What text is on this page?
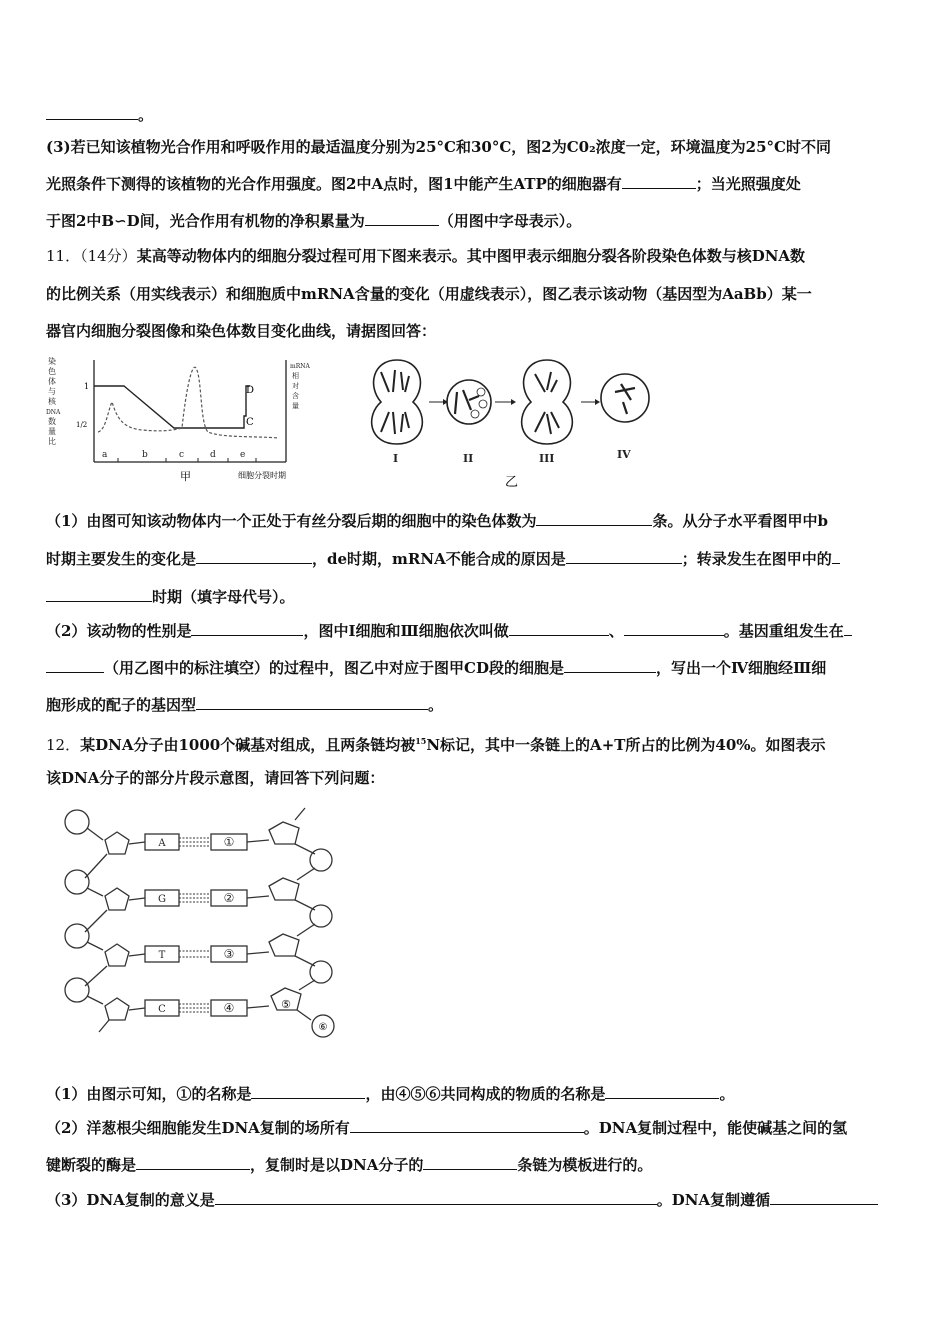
。
(3)若已知该植物光合作用和呼吸作用的最适温度分别为25°C和30°C，图2为C0₂浓度一定，环境温度为25°C时不同
光照条件下测得的该植物的光合作用强度。图2中A点时，图1中能产生ATP的细胞器有	；当光照强度处
于图2中B∽D间，光合作用有机物的净积累量为	（用图中字母表示）。
11．（14分）某高等动物体内的细胞分裂过程可用下图来表示。其中图甲表示细胞分裂各阶段染色体数与核DNA数
的比例关系（用实线表示）和细胞质中mRNA含量的变化（用虚线表示），图乙表示该动物（基因型为AaBb）某一
器官内细胞分裂图像和染色体数目变化曲线，请据图回答：
染
色
体
与
核
DNA
数
量
比
1
1/2
D
C
mRNA
相
对
含
量
a	b	c	d	e
甲	细胞分裂时期
I	II	III	IV
乙
（1）由图可知该动物体内一个正处于有丝分裂后期的细胞中的染色体数为	条。从分子水平看图甲中b
时期主要发生的变化是	，de时期，mRNA不能合成的原因是	；转录发生在图甲中的
时期（填字母代号）。
（2）该动物的性别是	，图中Ⅰ细胞和Ⅲ细胞依次叫做	、	。基因重组发生在
（用乙图中的标注填空）的过程中，图乙中对应于图甲CD段的细胞是	，写出一个Ⅳ细胞经Ⅲ细
胞形成的配子的基因型	。
12．某DNA分子由1000个碱基对组成，且两条链均被$^{15}$N标记，其中一条链上的A+T所占的比例为40%。如图表示
该DNA分子的部分片段示意图，请回答下列问题：
A
G
T
C
①
②
③
④	⑤
⑥
（1）由图示可知，①的名称是	，由④⑤⑥共同构成的物质的名称是	。
（2）洋葱根尖细胞能发生DNA复制的场所有	。DNA复制过程中，能使碱基之间的氢
键断裂的酶是	，复制时是以DNA分子的	条链为模板进行的。
（3）DNA复制的意义是	。DNA复制遵循
